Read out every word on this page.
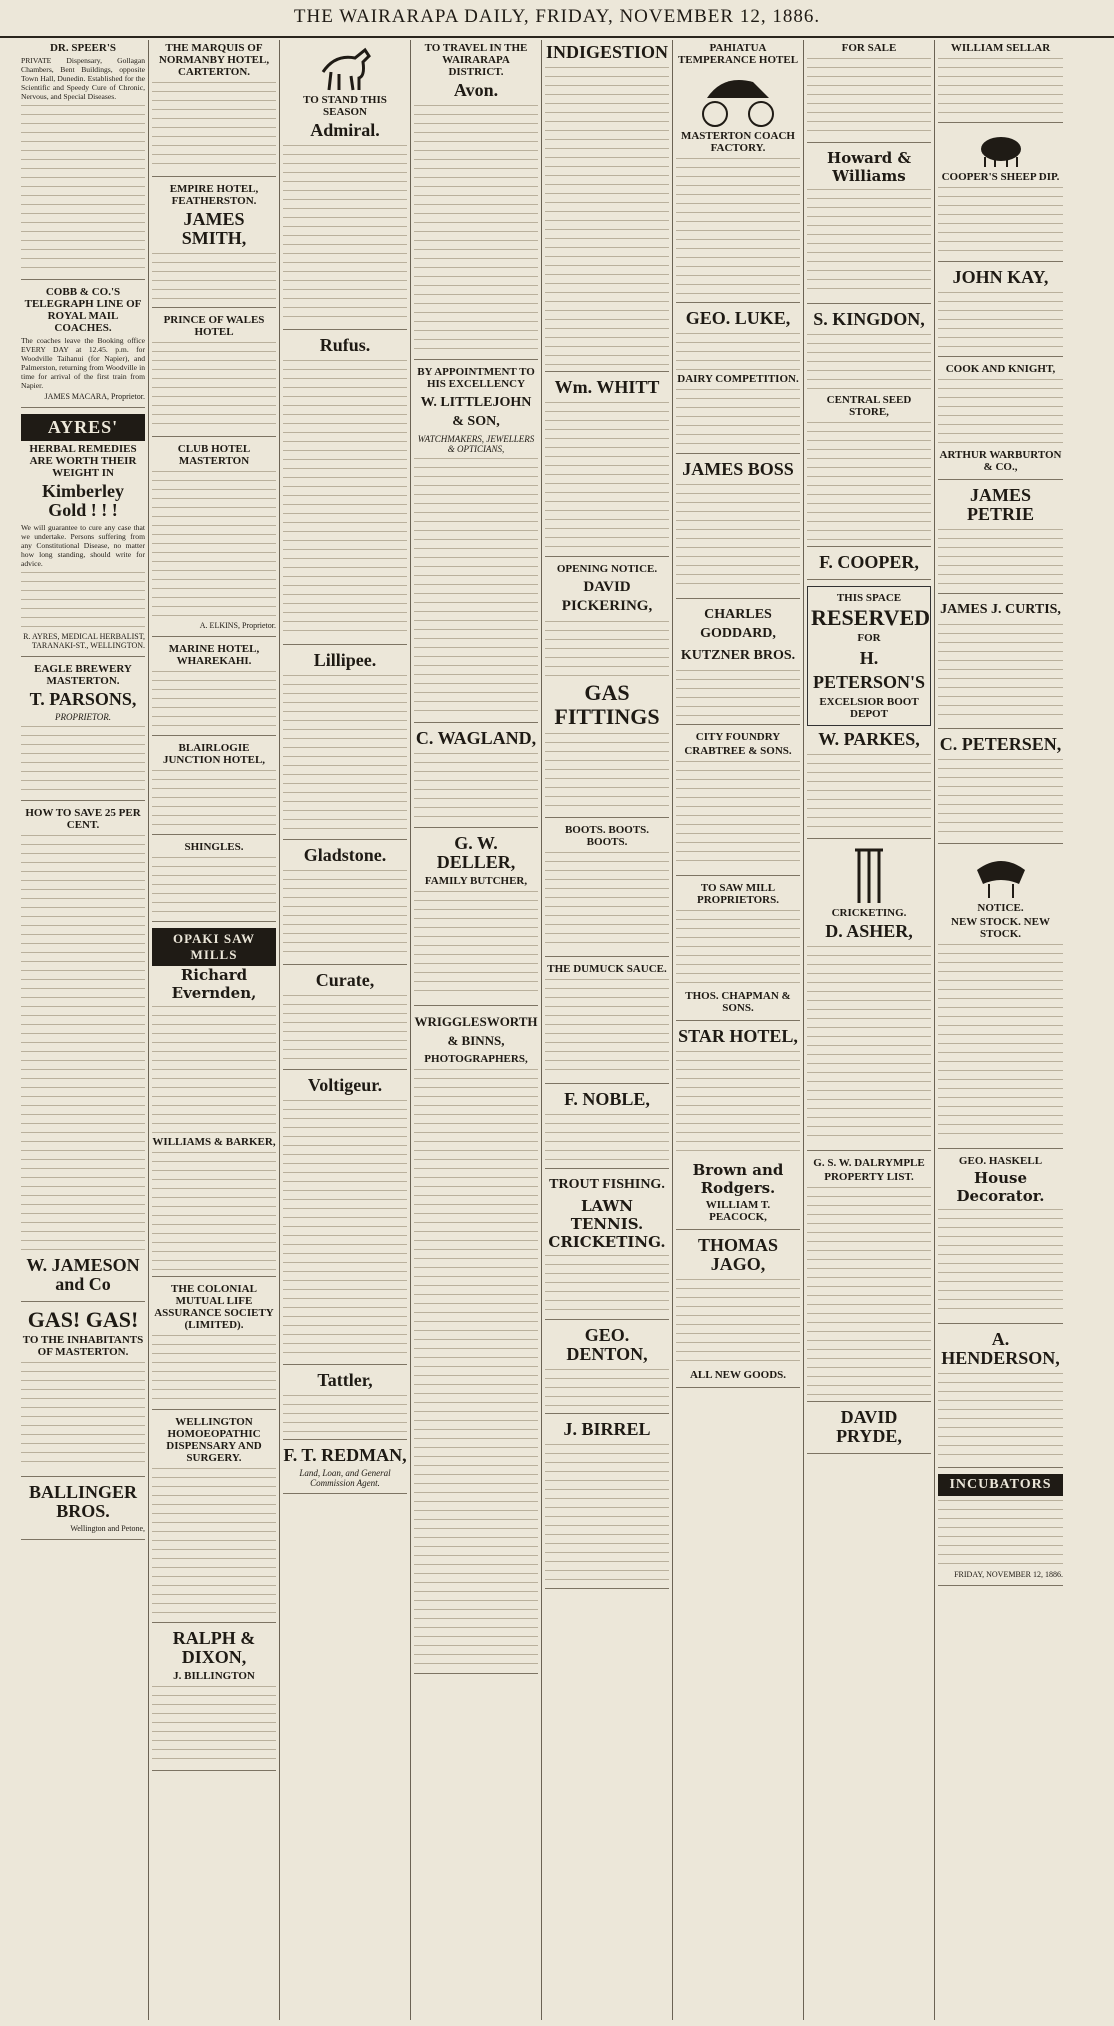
THE WAIRARAPA DAILY, FRIDAY, NOVEMBER 12, 1886.
DR. SPEER'S
PRIVATE Dispensary, Gollagan Chambers, Bent Buildings, opposite Town Hall, Dunedin. Established for the Scientific and Speedy Cure of Chronic, Nervous, and Special Diseases.
COBB & CO.'S TELEGRAPH LINE OF ROYAL MAIL COACHES.
The coaches leave the Booking office EVERY DAY at 12.45. p.m. for Woodville Taihanui (for Napier), and Palmerston, returning from Woodville in time for arrival of the first train from Napier.
JAMES MACARA, Proprietor.
AYRES'
HERBAL REMEDIES ARE WORTH THEIR WEIGHT IN
Kimberley Gold ! ! !
We will guarantee to cure any case that we undertake. Persons suffering from any Constitutional Disease, no matter how long standing, should write for advice.
R. AYRES, MEDICAL HERBALIST, TARANAKI-ST., WELLINGTON.
EAGLE BREWERY MASTERTON.
T. PARSONS,
PROPRIETOR.
HOW TO SAVE 25 PER CENT.
W. JAMESON and Co
GAS! GAS!
TO THE INHABITANTS OF MASTERTON.
BALLINGER BROS.
Wellington and Petone,
THE MARQUIS OF NORMANBY HOTEL, CARTERTON.
EMPIRE HOTEL, FEATHERSTON.
JAMES SMITH,
PRINCE OF WALES HOTEL
CLUB HOTEL MASTERTON
A. ELKINS, Proprietor.
MARINE HOTEL, WHAREKAHI.
BLAIRLOGIE JUNCTION HOTEL,
SHINGLES.
OPAKI SAW MILLS
Richard Evernden,
WILLIAMS & BARKER,
THE COLONIAL MUTUAL LIFE ASSURANCE SOCIETY (LIMITED).
WELLINGTON HOMOEOPATHIC DISPENSARY AND SURGERY.
RALPH & DIXON,
J. BILLINGTON
TO STAND THIS SEASON
Admiral.
Rufus.
Lillipee.
Gladstone.
Curate,
Voltigeur.
Tattler,
F. T. REDMAN,
Land, Loan, and General Commission Agent.
TO TRAVEL IN THE WAIRARAPA DISTRICT.
Avon.
BY APPOINTMENT TO HIS EXCELLENCY
W. LITTLEJOHN & SON,
WATCHMAKERS, JEWELLERS & OPTICIANS,
C. WAGLAND,
G. W. DELLER,
FAMILY BUTCHER,
WRIGGLESWORTH & BINNS,
PHOTOGRAPHERS,
INDIGESTION
Wm. WHITT
OPENING NOTICE.
DAVID PICKERING,
GAS FITTINGS
BOOTS. BOOTS. BOOTS.
THE DUMUCK SAUCE.
F. NOBLE,
TROUT FISHING.
LAWN TENNIS. CRICKETING.
GEO. DENTON,
J. BIRREL
PAHIATUA TEMPERANCE HOTEL
MASTERTON COACH FACTORY.
GEO. LUKE,
DAIRY COMPETITION.
JAMES BOSS
CHARLES GODDARD,
KUTZNER BROS.
CITY FOUNDRY
CRABTREE & SONS.
TO SAW MILL PROPRIETORS.
THOS. CHAPMAN & SONS.
STAR HOTEL,
Brown and Rodgers.
WILLIAM T. PEACOCK,
THOMAS JAGO,
ALL NEW GOODS.
FOR SALE
Howard & Williams
S. KINGDON,
CENTRAL SEED STORE,
F. COOPER,
THIS SPACE
RESERVED
FOR
H. PETERSON'S
EXCELSIOR BOOT DEPOT
W. PARKES,
CRICKETING.
D. ASHER,
G. S. W. DALRYMPLE
PROPERTY LIST.
DAVID PRYDE,
WILLIAM SELLAR
COOPER'S SHEEP DIP.
JOHN KAY,
COOK AND KNIGHT,
ARTHUR WARBURTON & CO.,
JAMES PETRIE
JAMES J. CURTIS,
C. PETERSEN,
NOTICE.
NEW STOCK. NEW STOCK.
GEO. HASKELL
House Decorator.
A. HENDERSON,
INCUBATORS
FRIDAY, NOVEMBER 12, 1886.
